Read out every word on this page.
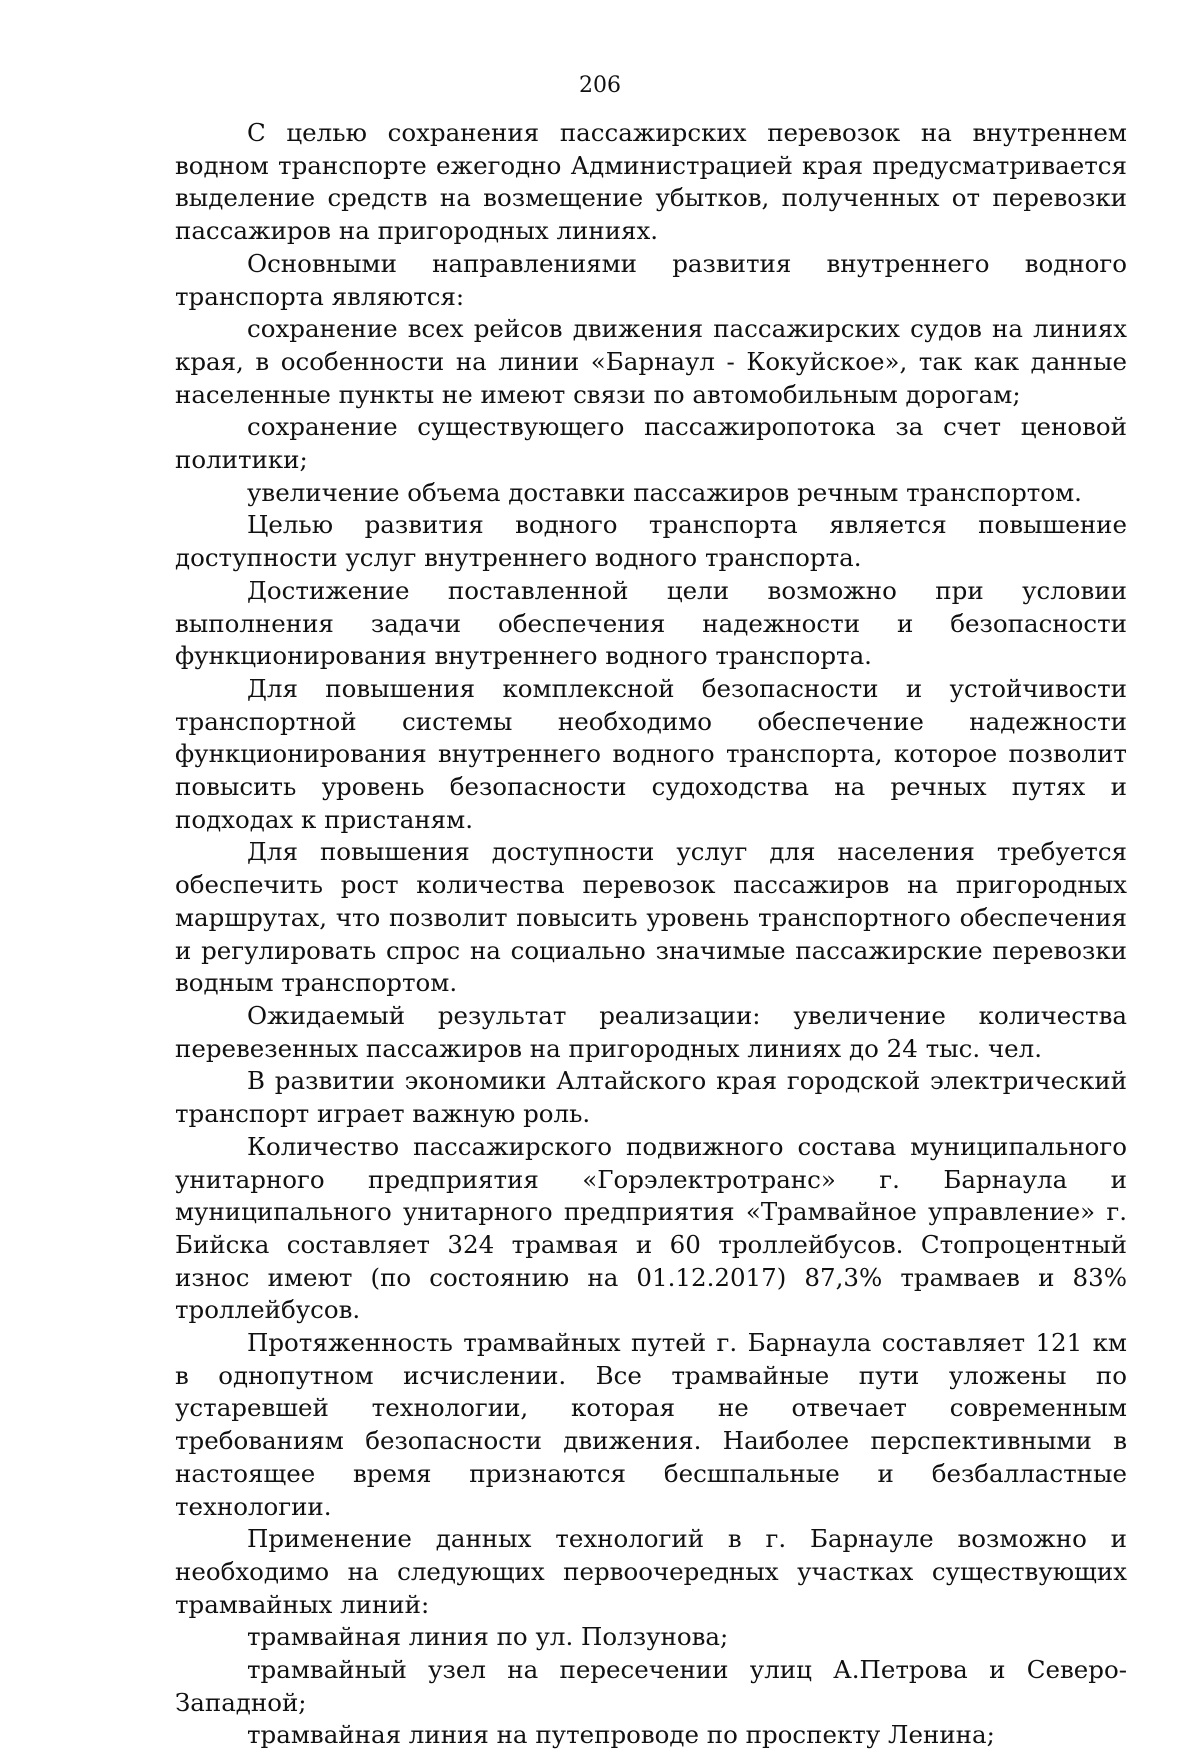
206

С целью сохранения пассажирских перевозок на внутреннем водном транспорте ежегодно Администрацией края предусматривается выделение средств на возмещение убытков, полученных от перевозки пассажиров на пригородных линиях.

Основными направлениями развития внутреннего водного транспорта являются:

сохранение всех рейсов движения пассажирских судов на линиях края, в особенности на линии «Барнаул - Кокуйское», так как данные населенные пункты не имеют связи по автомобильным дорогам;

сохранение существующего пассажиропотока за счет ценовой политики;

увеличение объема доставки пассажиров речным транспортом.

Целью развития водного транспорта является повышение доступности услуг внутреннего водного транспорта.

Достижение поставленной цели возможно при условии выполнения задачи обеспечения надежности и безопасности функционирования внутреннего водного транспорта.

Для повышения комплексной безопасности и устойчивости транспортной системы необходимо обеспечение надежности функционирования внутреннего водного транспорта, которое позволит повысить уровень безопасности судоходства на речных путях и подходах к пристаням.

Для повышения доступности услуг для населения требуется обеспечить рост количества перевозок пассажиров на пригородных маршрутах, что позволит повысить уровень транспортного обеспечения и регулировать спрос на социально значимые пассажирские перевозки водным транспортом.

Ожидаемый результат реализации: увеличение количества перевезенных пассажиров на пригородных линиях до 24 тыс. чел.

В развитии экономики Алтайского края городской электрический транспорт играет важную роль.

Количество пассажирского подвижного состава муниципального унитарного предприятия «Горэлектротранс» г. Барнаула и муниципального унитарного предприятия «Трамвайное управление» г. Бийска составляет 324 трамвая и 60 троллейбусов. Стопроцентный износ имеют (по состоянию на 01.12.2017) 87,3% трамваев и 83% троллейбусов.

Протяженность трамвайных путей г. Барнаула составляет 121 км в однопутном исчислении. Все трамвайные пути уложены по устаревшей технологии, которая не отвечает современным требованиям безопасности движения. Наиболее перспективными в настоящее время признаются бесшпальные и безбалластные технологии.

Применение данных технологий в г. Барнауле возможно и необходимо на следующих первоочередных участках существующих трамвайных линий:

трамвайная линия по ул. Ползунова;

трамвайный узел на пересечении улиц А.Петрова и Северо-Западной;

трамвайная линия на путепроводе по проспекту Ленина;
